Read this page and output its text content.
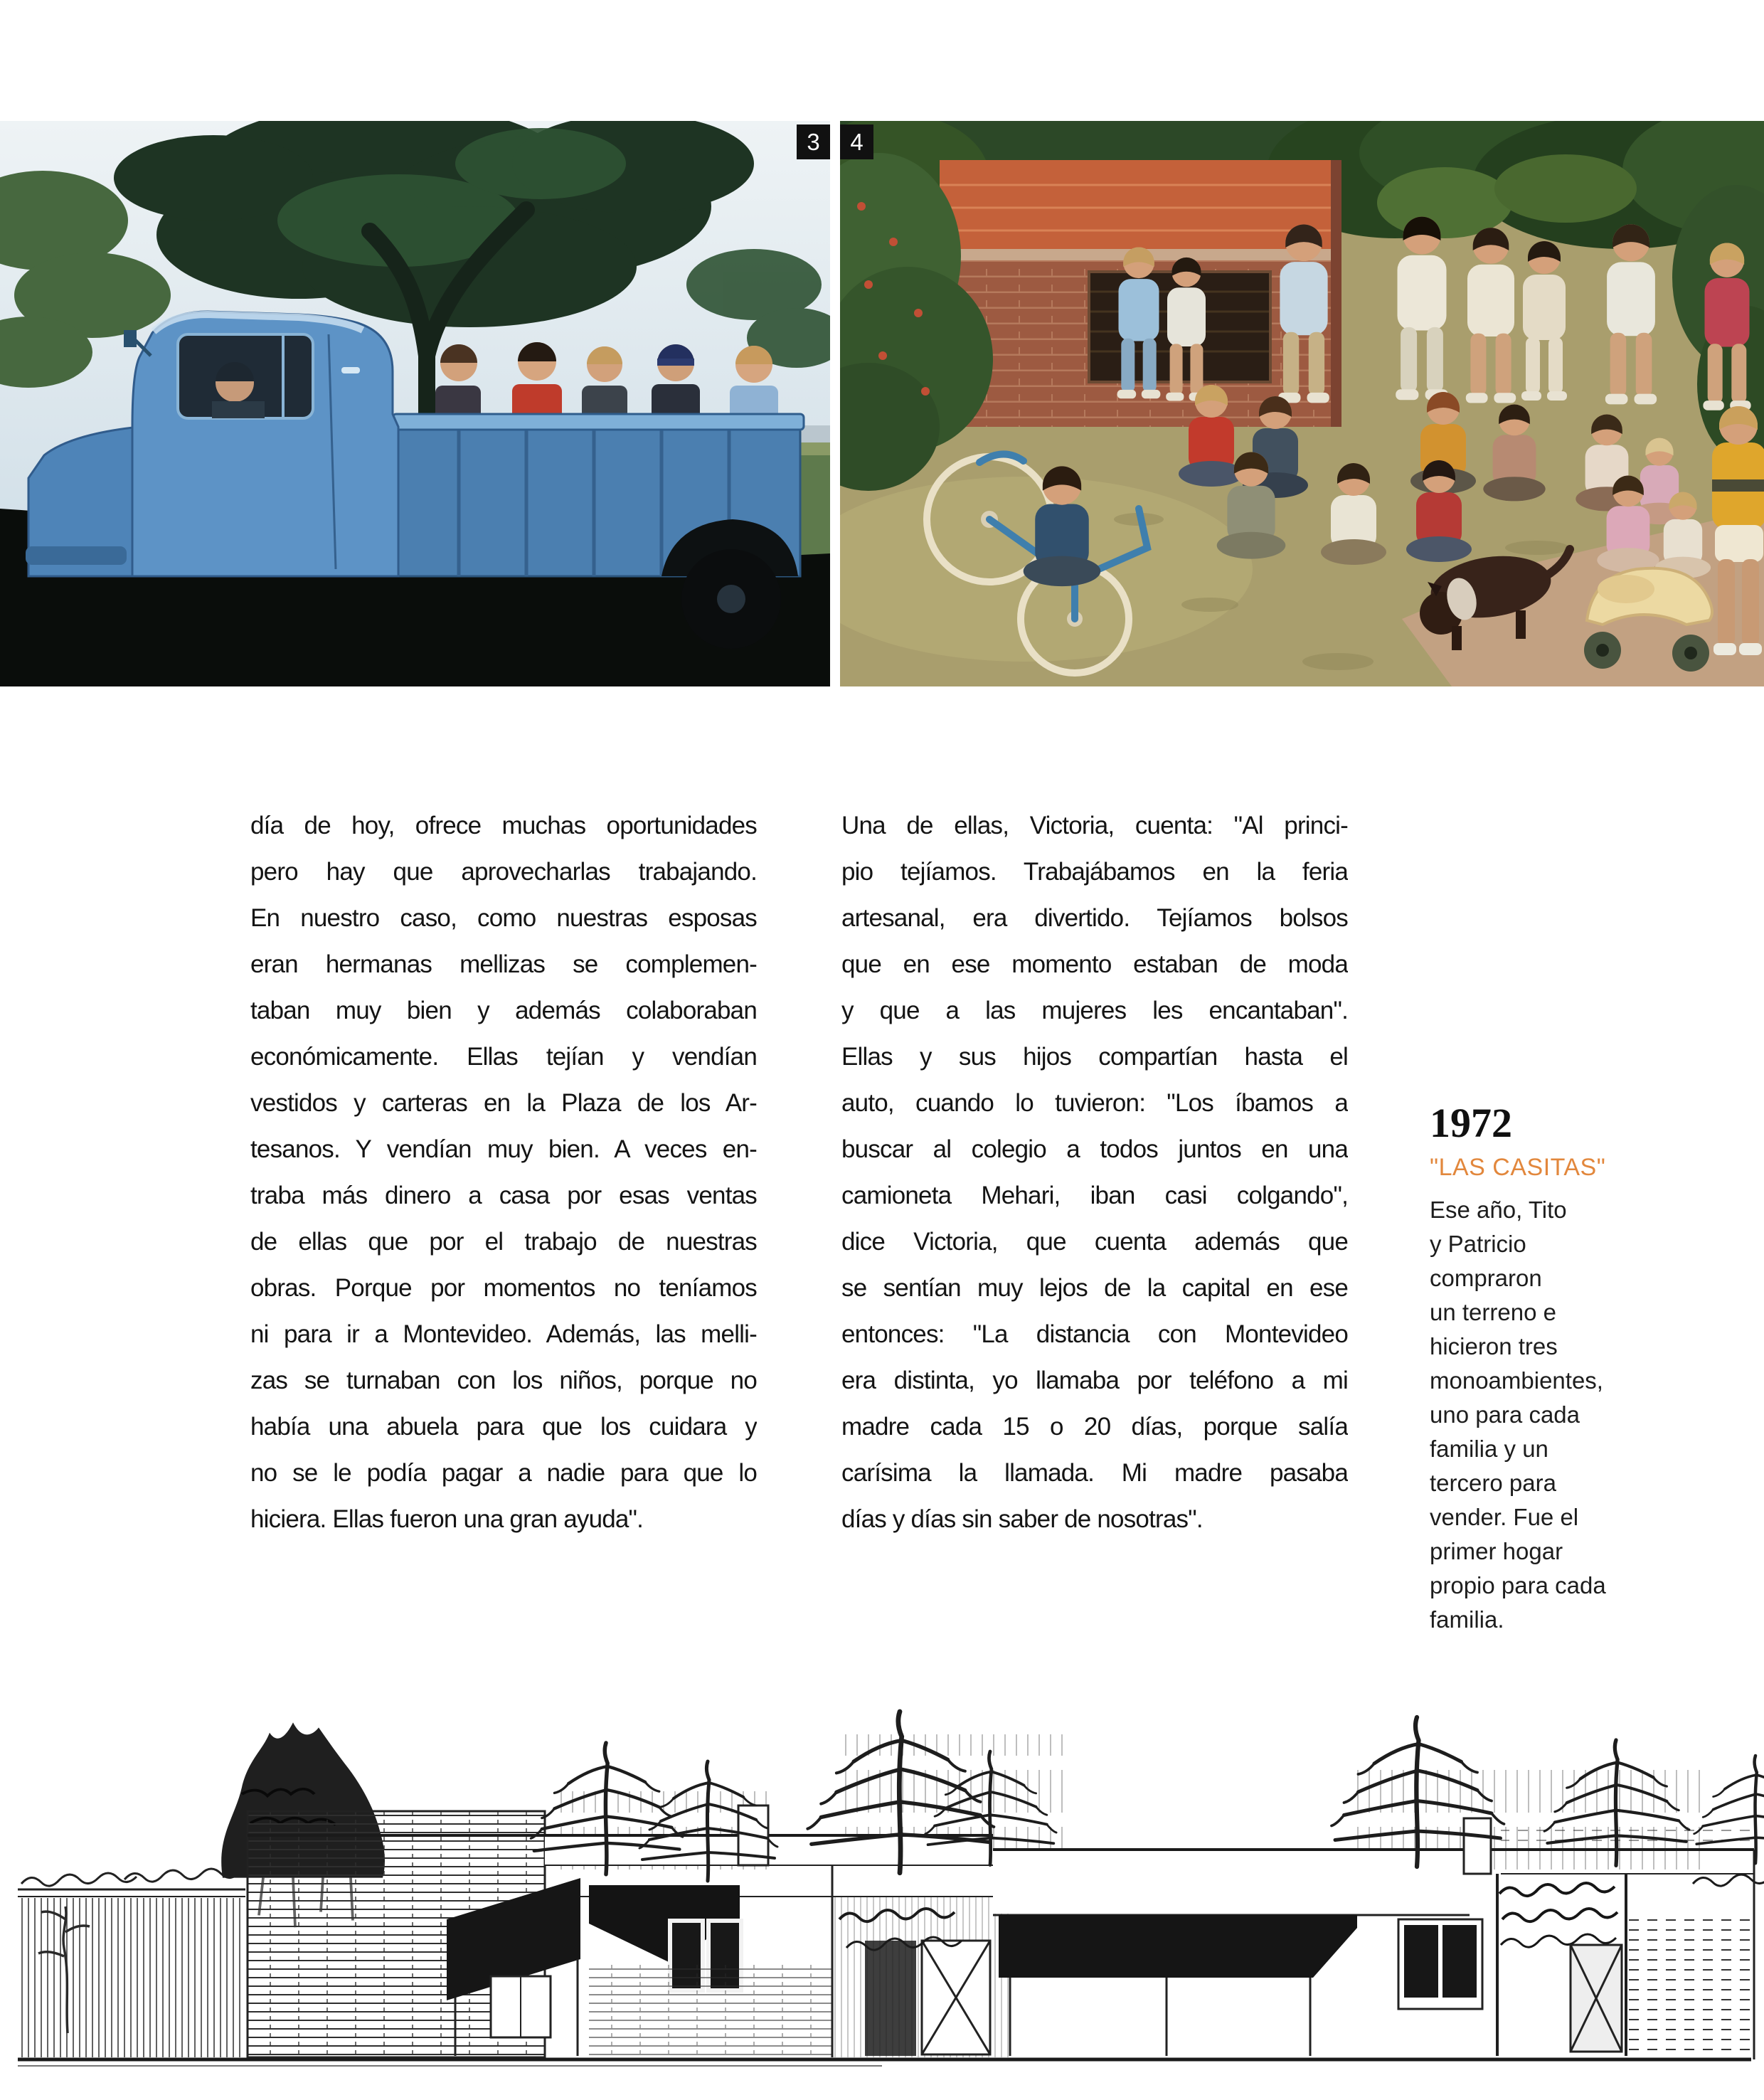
3	4
día de hoy, ofrece muchas oportunidades
pero hay que aprovecharlas trabajando.
En nuestro caso, como nuestras esposas
eran hermanas mellizas se complemen-
taban muy bien y además colaboraban
económicamente. Ellas tejían y vendían
vestidos y carteras en la Plaza de los Ar-
tesanos. Y vendían muy bien. A veces en-
traba más dinero a casa por esas ventas
de ellas que por el trabajo de nuestras
obras. Porque por momentos no teníamos
ni para ir a Montevideo. Además, las melli-
zas se turnaban con los niños, porque no
había una abuela para que los cuidara y
no se le podía pagar a nadie para que lo
hiciera. Ellas fueron una gran ayuda".
Una de ellas, Victoria, cuenta: "Al princi-
pio tejíamos. Trabajábamos en la feria
artesanal, era divertido. Tejíamos bolsos
que en ese momento estaban de moda
y que a las mujeres les encantaban".
Ellas y sus hijos compartían hasta el
auto, cuando lo tuvieron: "Los íbamos a
buscar al colegio a todos juntos en una
camioneta Mehari, iban casi colgando",
dice Victoria, que cuenta además que
se sentían muy lejos de la capital en ese
entonces: "La distancia con Montevideo
era distinta, yo llamaba por teléfono a mi
madre cada 15 o 20 días, porque salía
carísima la llamada. Mi madre pasaba
días y días sin saber de nosotras".
1972
"LAS CASITAS"
Ese año, Tito
y Patricio
compraron
un terreno e
hicieron tres
monoambientes,
uno para cada
familia y un
tercero para
vender. Fue el
primer hogar
propio para cada
familia.
